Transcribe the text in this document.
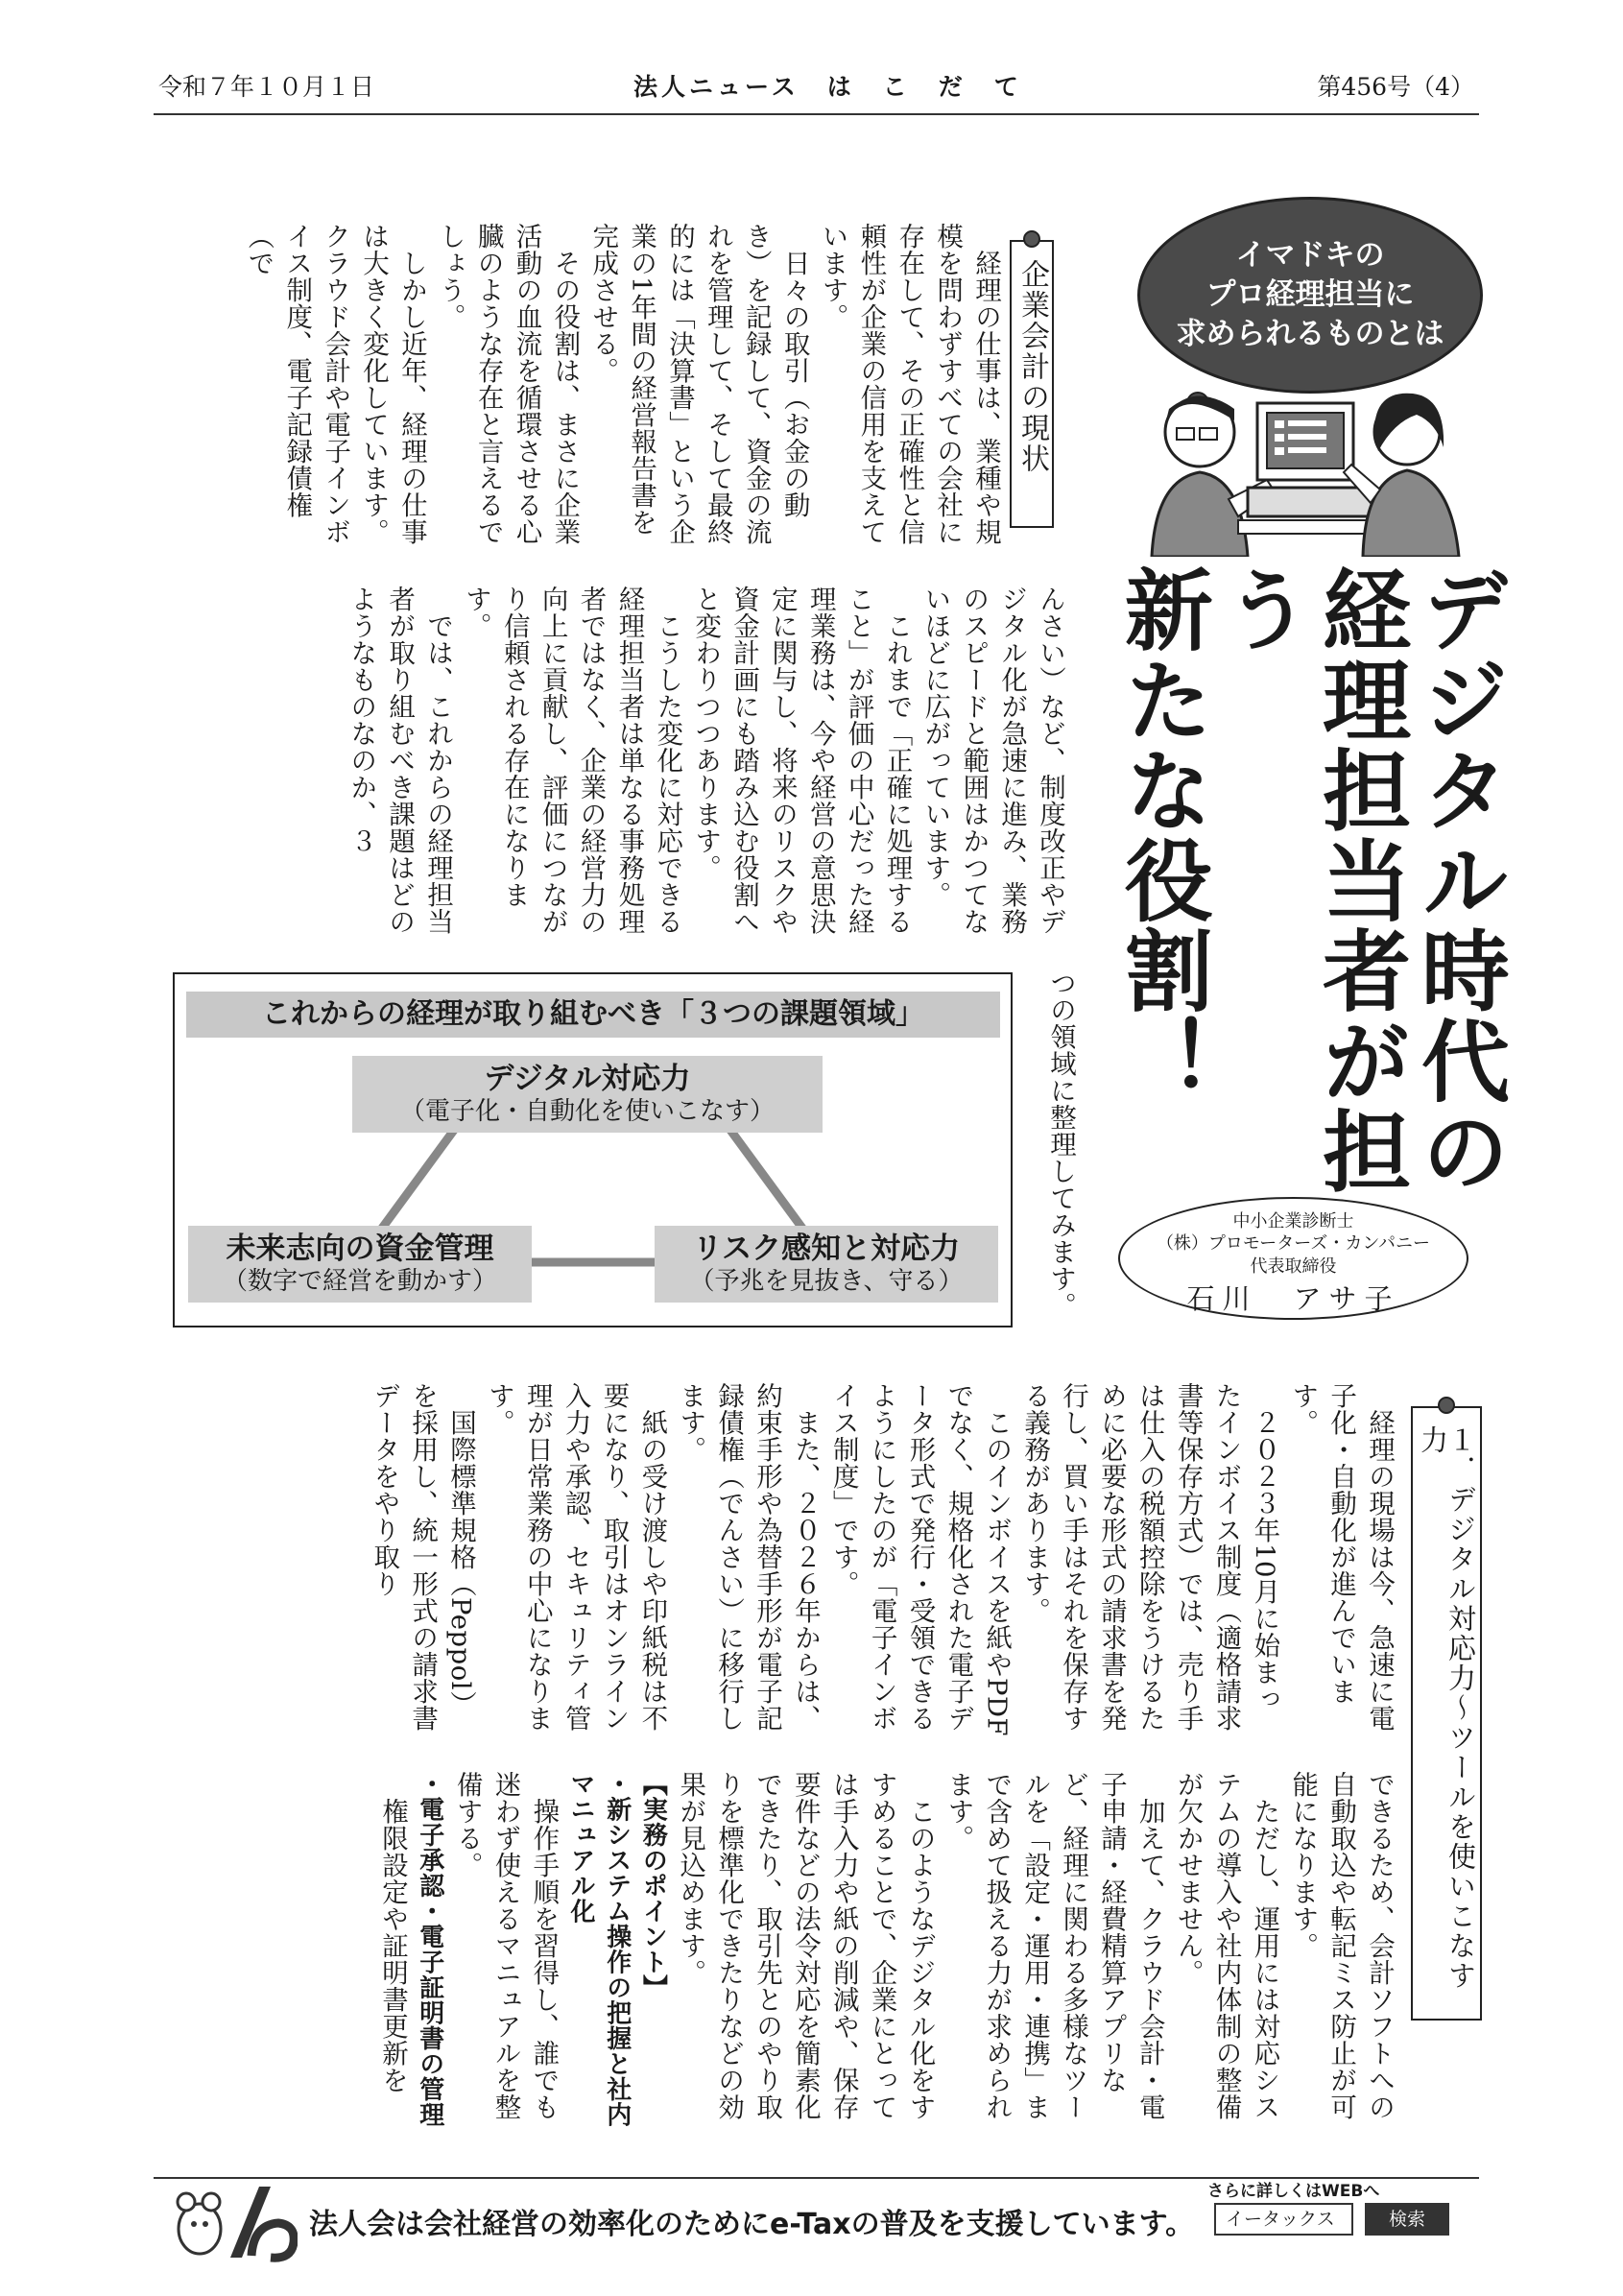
令和７年１０月１日	法人ニュース　は　こ　だ　て	第456号（4）
イマドキの
プロ経理担当に
求められるものとは
デジタル時代の
経理担当者が担う
新たな役割！
中小企業診断士
（株）プロモーターズ・カンパニー
代表取締役
石川　アサ子
企業会計の現状

経理の仕事は、業種や規模を問わずすべての会社に存在して、その正確性と信頼性が企業の信用を支えています。

日々の取引（お金の動き）を記録して、資金の流れを管理して、そして最終的には「決算書」という企業の1年間の経営報告書を完成させる。

その役割は、まさに企業活動の血流を循環させる心臓のような存在と言えるでしょう。

しかし近年、経理の仕事は大きく変化しています。クラウド会計や電子インボイス制度、電子記録債権（で

んさい）など、制度改正やデジタル化が急速に進み、業務のスピードと範囲はかつてないほどに広がっています。

これまで「正確に処理すること」が評価の中心だった経理業務は、今や経営の意思決定に関与し、将来のリスクや資金計画にも踏み込む役割へと変わりつつあります。

こうした変化に対応できる経理担当者は単なる事務処理者ではなく、企業の経営力の向上に貢献し、評価につながり信頼される存在になります。

では、これからの経理担当者が取り組むべき課題はどのようなものなのか、３

つの領域に整理してみます。

これからの経理が取り組むべき「３つの課題領域」
デジタル対応力
（電子化・自動化を使いこなす）
未来志向の資金管理
（数字で経営を動かす）
リスク感知と対応力
（予兆を見抜き、守る）
１．デジタル対応力～ツールを使いこなす力

経理の現場は今、急速に電子化・自動化が進んでいます。

２０２３年10月に始まったインボイス制度（適格請求書等保存方式）では、売り手は仕入の税額控除をうけるために必要な形式の請求書を発行し、買い手はそれを保存する義務があります。

このインボイスを紙やPDFでなく、規格化された電子データ形式で発行・受領できるようにしたのが「電子インボイス制度」です。

また、２０２６年からは、約束手形や為替手形が電子記録債権（でんさい）に移行します。

紙の受け渡しや印紙税は不要になり、取引はオンライン入力や承認、セキュリティ管理が日常業務の中心になります。

国際標準規格（Peppol）を採用し、統一形式の請求書データをやり取り

できるため、会計ソフトへの自動取込や転記ミス防止が可能になります。

ただし、運用には対応システムの導入や社内体制の整備が欠かせません。

加えて、クラウド会計・電子申請・経費精算アプリなど、経理に関わる多様なツールを「設定・運用・連携」まで含めて扱える力が求められます。

このようなデジタル化をすすめることで、企業にとっては手入力や紙の削減や、保存要件などの法令対応を簡素化できたり、取引先とのやり取りを標準化できたりなどの効果が見込めます。

【実務のポイント】

・新システム操作の把握と社内マニュアル化

操作手順を習得し、誰でも迷わず使えるマニュアルを整備する。

・電子承認・電子証明書の管理

権限設定や証明書更新を

法人会は会社経営の効率化のためにe-Taxの普及を支援しています。
さらに詳しくはWEBへ
イータックス	検索
